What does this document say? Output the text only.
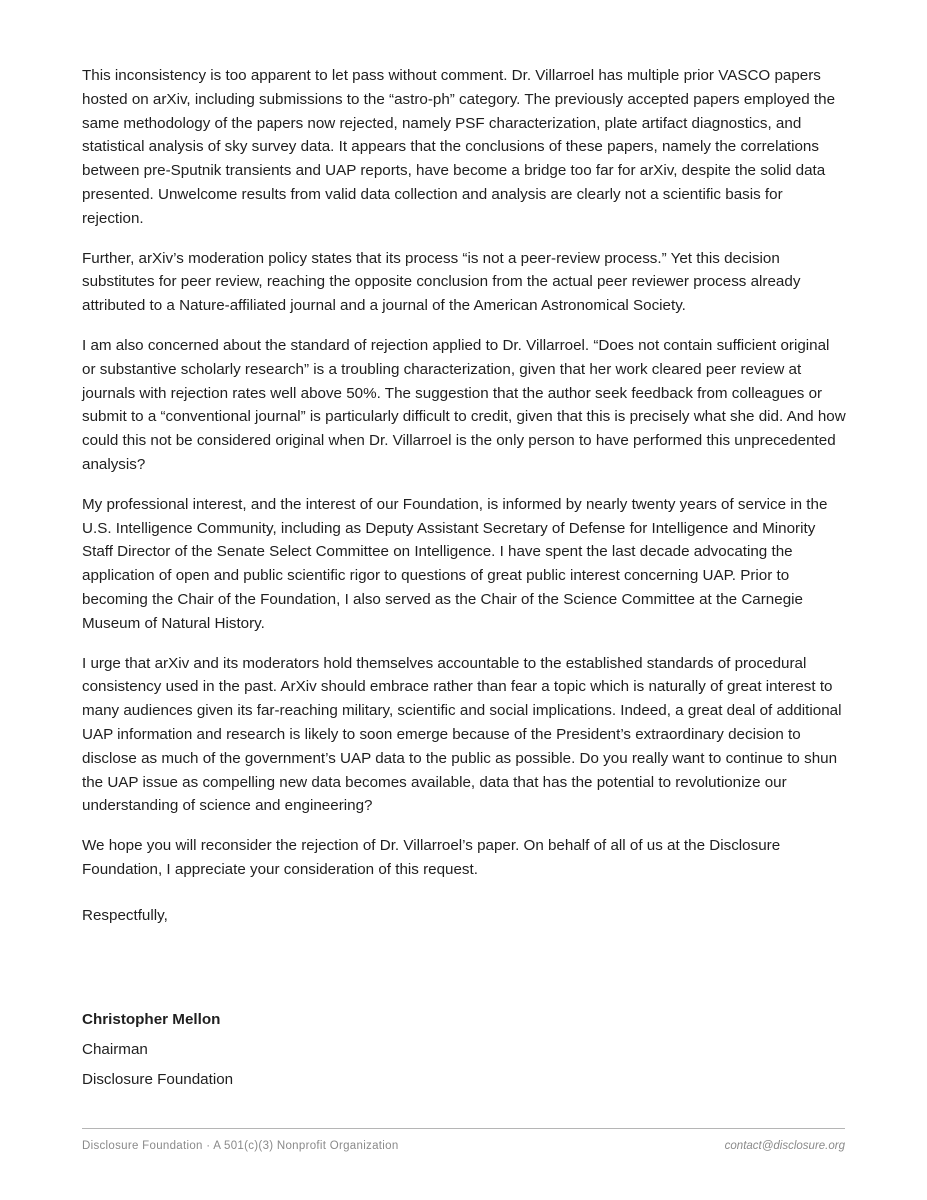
This inconsistency is too apparent to let pass without comment. Dr. Villarroel has multiple prior VASCO papers hosted on arXiv, including submissions to the “astro-ph” category. The previously accepted papers employed the same methodology of the papers now rejected, namely PSF characterization, plate artifact diagnostics, and statistical analysis of sky survey data. It appears that the conclusions of these papers, namely the correlations between pre-Sputnik transients and UAP reports, have become a bridge too far for arXiv, despite the solid data presented. Unwelcome results from valid data collection and analysis are clearly not a scientific basis for rejection.

Further, arXiv’s moderation policy states that its process “is not a peer-review process.” Yet this decision substitutes for peer review, reaching the opposite conclusion from the actual peer reviewer process already attributed to a Nature-affiliated journal and a journal of the American Astronomical Society.

I am also concerned about the standard of rejection applied to Dr. Villarroel. “Does not contain sufficient original or substantive scholarly research” is a troubling characterization, given that her work cleared peer review at journals with rejection rates well above 50%. The suggestion that the author seek feedback from colleagues or submit to a “conventional journal” is particularly difficult to credit, given that this is precisely what she did. And how could this not be considered original when Dr. Villarroel is the only person to have performed this unprecedented analysis?

My professional interest, and the interest of our Foundation, is informed by nearly twenty years of service in the U.S. Intelligence Community, including as Deputy Assistant Secretary of Defense for Intelligence and Minority Staff Director of the Senate Select Committee on Intelligence. I have spent the last decade advocating the application of open and public scientific rigor to questions of great public interest concerning UAP. Prior to becoming the Chair of the Foundation, I also served as the Chair of the Science Committee at the Carnegie Museum of Natural History.

I urge that arXiv and its moderators hold themselves accountable to the established standards of procedural consistency used in the past. ArXiv should embrace rather than fear a topic which is naturally of great interest to many audiences given its far-reaching military, scientific and social implications. Indeed, a great deal of additional UAP information and research is likely to soon emerge because of the President’s extraordinary decision to disclose as much of the government’s UAP data to the public as possible. Do you really want to continue to shun the UAP issue as compelling new data becomes available, data that has the potential to revolutionize our understanding of science and engineering?

We hope you will reconsider the rejection of Dr. Villarroel’s paper. On behalf of all of us at the Disclosure Foundation, I appreciate your consideration of this request.

Respectfully,

Christopher Mellon
Chairman
Disclosure Foundation
Disclosure Foundation · A 501(c)(3) Nonprofit Organization	contact@disclosure.org
